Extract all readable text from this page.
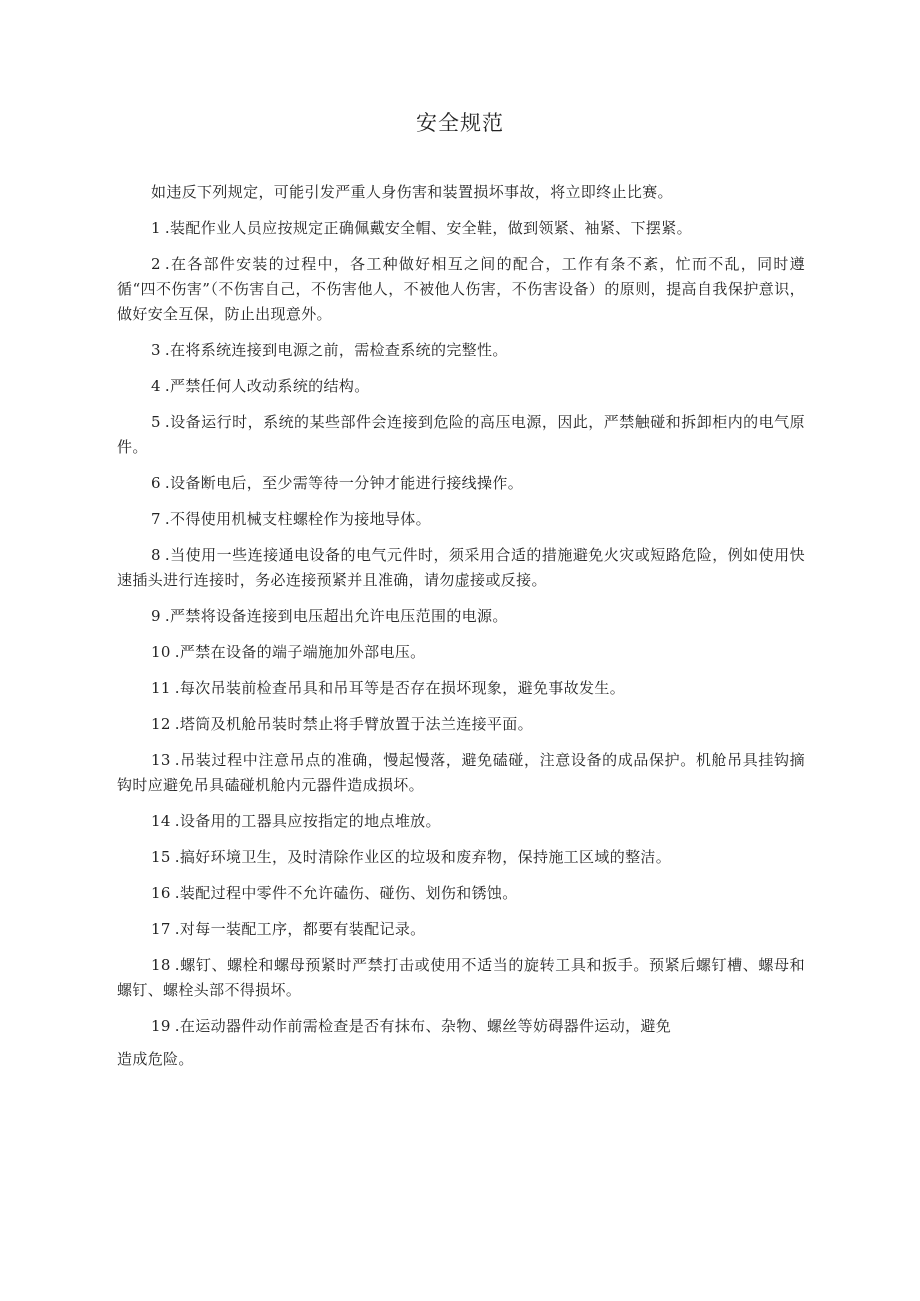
安全规范

如违反下列规定，可能引发严重人身伤害和装置损坏事故，将立即终止比赛。

1 .装配作业人员应按规定正确佩戴安全帽、安全鞋，做到领紧、袖紧、下摆紧。

2 .在各部件安装的过程中，各工种做好相互之间的配合，工作有条不紊，忙而不乱，同时遵循“四不伤害”（不伤害自己，不伤害他人，不被他人伤害，不伤害设备）的原则，提高自我保护意识，做好安全互保，防止出现意外。

3 .在将系统连接到电源之前，需检查系统的完整性。

4 .严禁任何人改动系统的结构。

5 .设备运行时，系统的某些部件会连接到危险的高压电源，因此，严禁触碰和拆卸柜内的电气原件。

6 .设备断电后，至少需等待一分钟才能进行接线操作。

7 .不得使用机械支柱螺栓作为接地导体。

8 .当使用一些连接通电设备的电气元件时，须采用合适的措施避免火灾或短路危险，例如使用快速插头进行连接时，务必连接预紧并且准确，请勿虚接或反接。

9 .严禁将设备连接到电压超出允许电压范围的电源。

10 .严禁在设备的端子端施加外部电压。

11 .每次吊装前检查吊具和吊耳等是否存在损坏现象，避免事故发生。

12 .塔筒及机舱吊装时禁止将手臂放置于法兰连接平面。

13 .吊装过程中注意吊点的准确，慢起慢落，避免磕碰，注意设备的成品保护。机舱吊具挂钩摘钩时应避免吊具磕碰机舱内元器件造成损坏。

14 .设备用的工器具应按指定的地点堆放。

15 .搞好环境卫生，及时清除作业区的垃圾和废弃物，保持施工区域的整洁。

16 .装配过程中零件不允许磕伤、碰伤、划伤和锈蚀。

17 .对每一装配工序，都要有装配记录。

18 .螺钉、螺栓和螺母预紧时严禁打击或使用不适当的旋转工具和扳手。预紧后螺钉槽、螺母和螺钉、螺栓头部不得损坏。

19 .在运动器件动作前需检查是否有抹布、杂物、螺丝等妨碍器件运动，避免

造成危险。
